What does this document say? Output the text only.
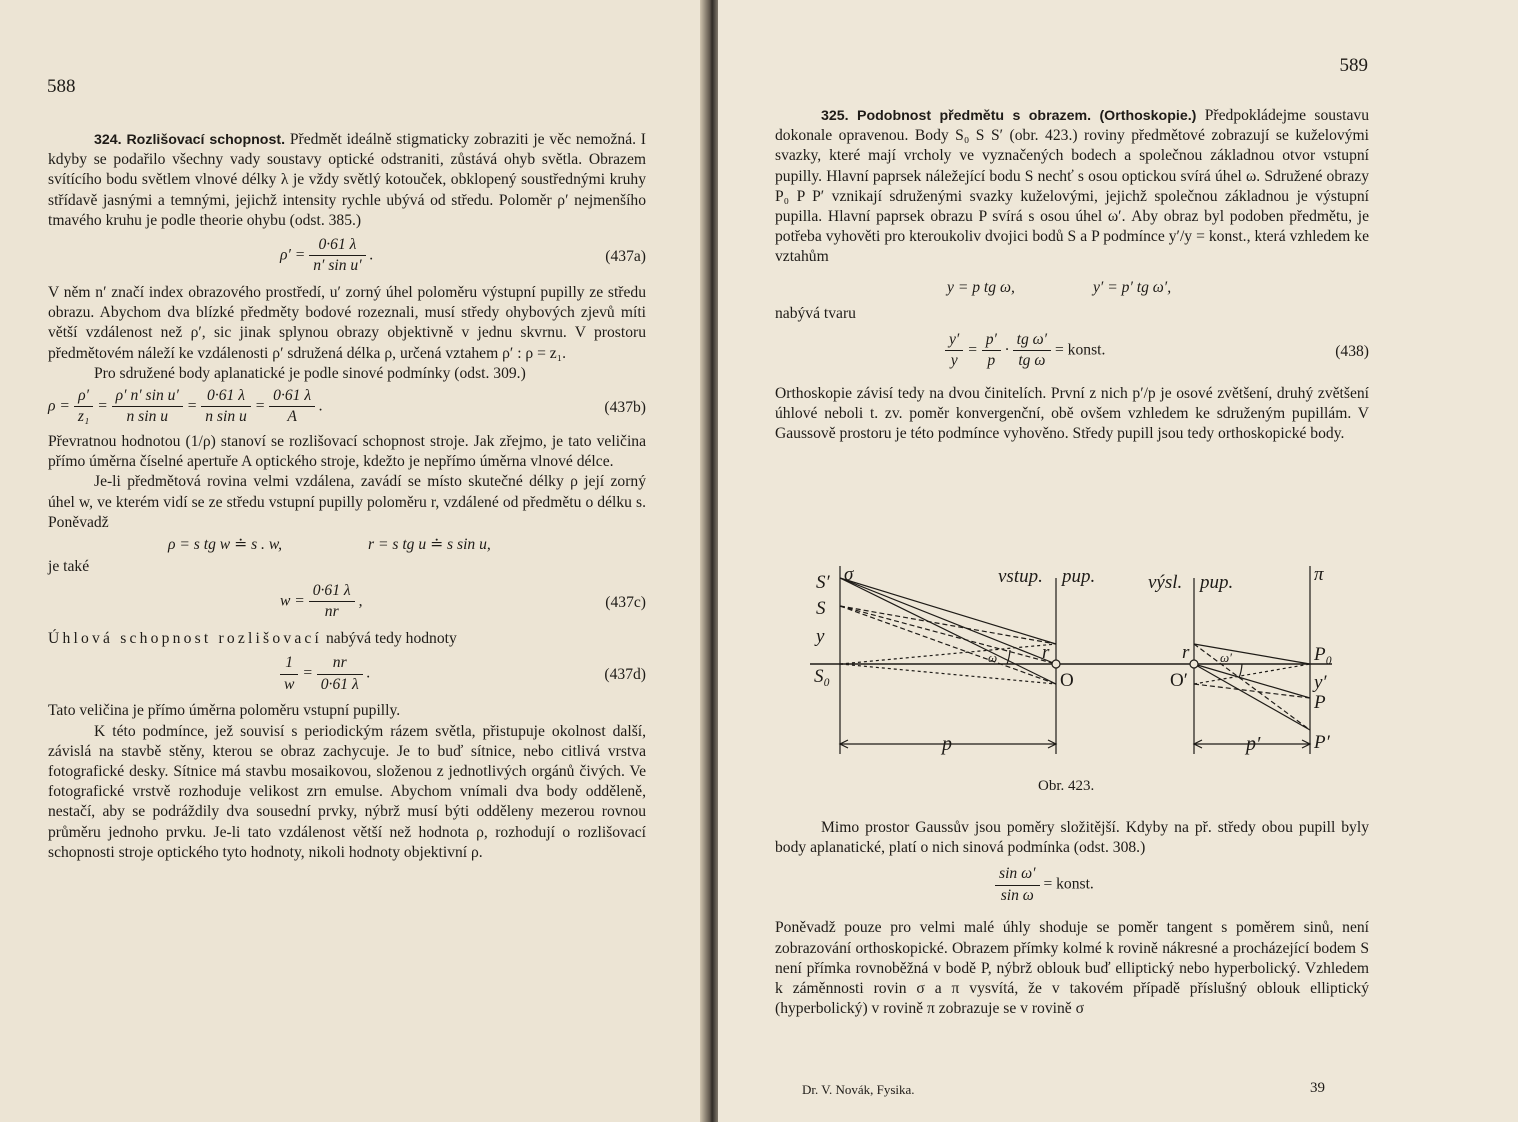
588

324. Rozlišovací schopnost. Předmět ideálně stigmaticky zobraziti je věc nemožná. I kdyby se podařilo všechny vady soustavy optické odstraniti, zůstává ohyb světla. Obrazem svítícího bodu světlem vlnové délky λ je vždy světlý kotouček, obklopený soustřednými kruhy střídavě jasnými a temnými, jejichž intensity rychle ubývá od středu. Poloměr ρ′ nejmenšího tmavého kruhu je podle theorie ohybu (odst. 385.)

$\rho' = \frac{0\cdot 61 \lambda}{\text{n′ sin u′}}$ .	(437a)

V něm n′ značí index obrazového prostředí, u′ zorný úhel poloměru výstupní pupilly ze středu obrazu. Abychom dva blízké předměty bodové rozeznali, musí středy ohybových zjevů míti větší vzdálenost než ρ′, sic jinak splynou obrazy objektivně v jednu skvrnu. V prostoru předmětovém náleží ke vzdálenosti ρ′ sdružená délka ρ, určená vztahem ρ′ : ρ = z₁.

Pro sdružené body aplanatické je podle sinové podmínky (odst. 309.)

$\rho = \frac{\rho'}{\text{z₁}} = \frac{\text{ρ′ n′ sin u′}}{\text{n sin u}} = \frac{0\cdot 61 \lambda}{\text{n sin u}} = \frac{0\cdot 61 \lambda}{A}$ .	(437b)

Převratnou hodnotou (1/ρ) stanoví se rozlišovací schopnost stroje. Jak zřejmo, je tato veličina přímo úměrna číselné apertuře A optického stroje, kdežto je nepřímo úměrna vlnové délce.

Je-li předmětová rovina velmi vzdálena, zavádí se místo skutečné délky ρ její zorný úhel w, ve kterém vidí se ze středu vstupní pupilly poloměru r, vzdálené od předmětu o délku s. Poněvadž

ρ = s tg w ≐ s . w,	r = s tg u ≐ s sin u,

je také

$w = \frac{0\cdot 61 \lambda}{nr}$ ,	(437c)

Úhlová schopnost rozlišovací nabývá tedy hodnoty

$\frac{1}{w} = \frac{nr}{0\cdot 61 \lambda}$ .	(437d)

Tato veličina je přímo úměrna poloměru vstupní pupilly.

K této podmínce, jež souvisí s periodickým rázem světla, přistupuje okolnost další, závislá na stavbě stěny, kterou se obraz zachycuje. Je to buď sítnice, nebo citlivá vrstva fotografické desky. Sítnice má stavbu mosaikovou, složenou z jednotlivých orgánů čivých. Ve fotografické vrstvě rozhoduje velikost zrn emulse. Abychom vnímali dva body odděleně, nestačí, aby se podráždily dva sousední prvky, nýbrž musí býti odděleny mezerou rovnou průměru jednoho prvku. Je-li tato vzdálenost větší než hodnota ρ, rozhodují o rozlišovací schopnosti stroje optického tyto hodnoty, nikoli hodnoty objektivní ρ.

589

325. Podobnost předmětu s obrazem. (Orthoskopie.) Předpokládejme soustavu dokonale opravenou. Body S₀ S S′ (obr. 423.) roviny předmětové zobrazují se kuželovými svazky, které mají vrcholy ve vyznačených bodech a společnou základnou otvor vstupní pupilly. Hlavní paprsek náležející bodu S nechť s osou optickou svírá úhel ω. Sdružené obrazy P₀ P P′ vznikají sdruženými svazky kuželovými, jejichž společnou základnou je výstupní pupilla. Hlavní paprsek obrazu P svírá s osou úhel ω′. Aby obraz byl podoben předmětu, je potřeba vyhověti pro kteroukoliv dvojici bodů S a P podmínce y′/y = konst., která vzhledem ke vztahům

y = p tg ω,	y′ = p′ tg ω′,

nabývá tvaru

$\frac{y'}{y} = \frac{p'}{p} \cdot \frac{\text{tg ω′}}{\text{tg ω}}$ = konst.	(438)

Orthoskopie závisí tedy na dvou činitelích. První z nich p′/p je osové zvětšení, druhý zvětšení úhlové neboli t. zv. poměr konvergenční, obě ovšem vzhledem ke sdruženým pupillám. V Gaussově prostoru je této podmínce vyhověno. Středy pupill jsou tedy orthoskopické body.

S′ σ
S
y
S₀
vstup. pup.	výsl. pup.	π
ω r
O
r
O′
ω′	P₀
y′
P
P′
p	p′
Obr. 423.

Mimo prostor Gaussův jsou poměry složitější. Kdyby na př. středy obou pupill byly body aplanatické, platí o nich sinová podmínka (odst. 308.)

$\frac{\text{sin ω′}}{\text{sin ω}}$ = konst.

Poněvadž pouze pro velmi malé úhly shoduje se poměr tangent s poměrem sinů, není zobrazování orthoskopické. Obrazem přímky kolmé k rovině nákresné a procházející bodem S není přímka rovnoběžná v bodě P, nýbrž oblouk buď elliptický nebo hyperbolický. Vzhledem k záměnnosti rovin σ a π vysvítá, že v takovém případě příslušný oblouk elliptický (hyperbolický) v rovině π zobrazuje se v rovině σ

Dr. V. Novák, Fysika.	39
